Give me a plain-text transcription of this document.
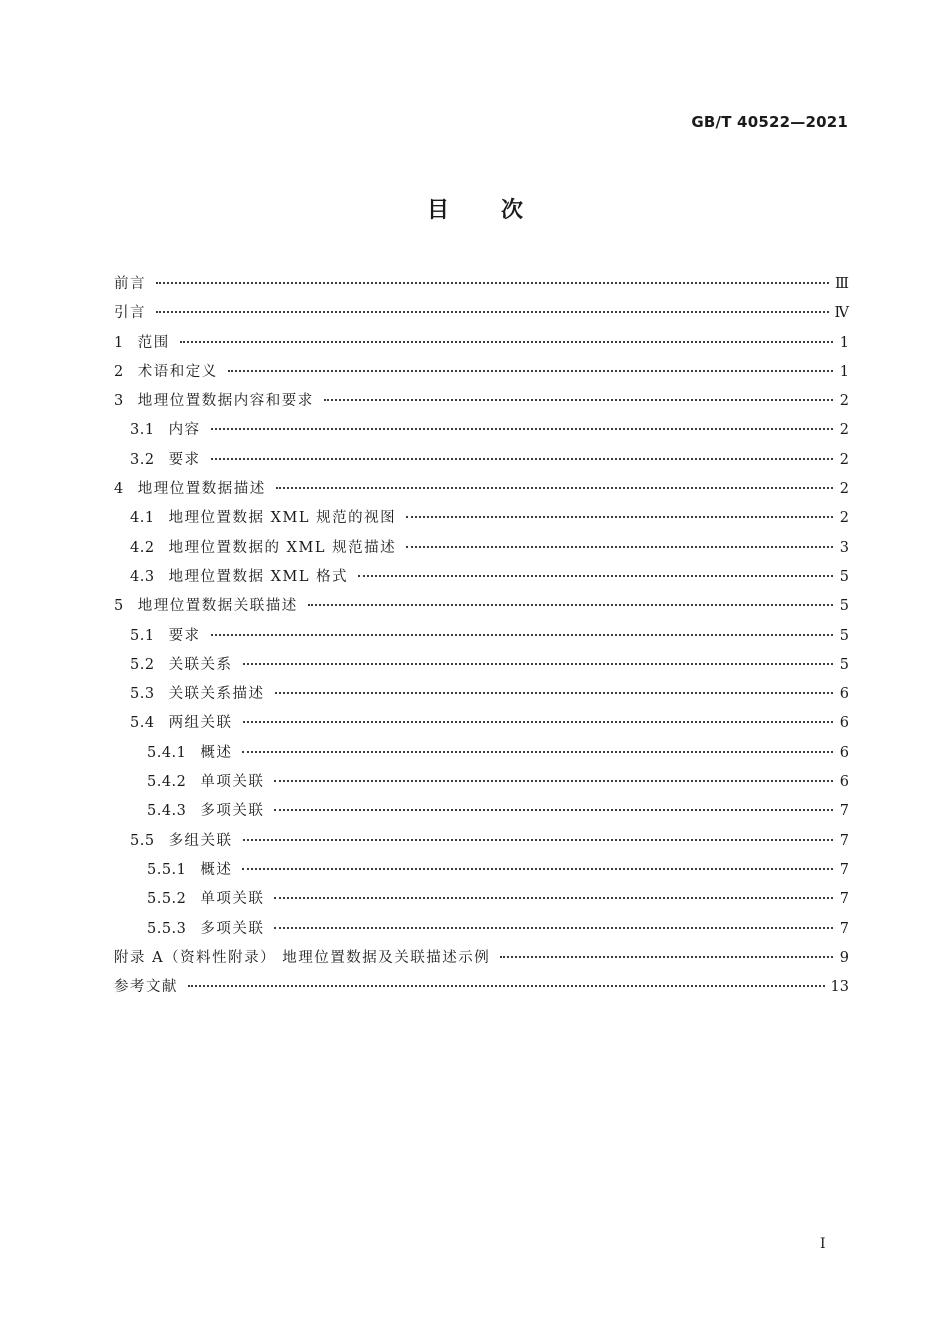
GB/T 40522—2021
目 次
前言	Ⅲ
引言	Ⅳ
1 范围	1
2 术语和定义	1
3 地理位置数据内容和要求	2
3.1 内容	2
3.2 要求	2
4 地理位置数据描述	2
4.1 地理位置数据 XML 规范的视图	2
4.2 地理位置数据的 XML 规范描述	3
4.3 地理位置数据 XML 格式	5
5 地理位置数据关联描述	5
5.1 要求	5
5.2 关联关系	5
5.3 关联关系描述	6
5.4 两组关联	6
5.4.1 概述	6
5.4.2 单项关联	6
5.4.3 多项关联	7
5.5 多组关联	7
5.5.1 概述	7
5.5.2 单项关联	7
5.5.3 多项关联	7
附录 A（资料性附录） 地理位置数据及关联描述示例	9
参考文献	13
Ⅰ
